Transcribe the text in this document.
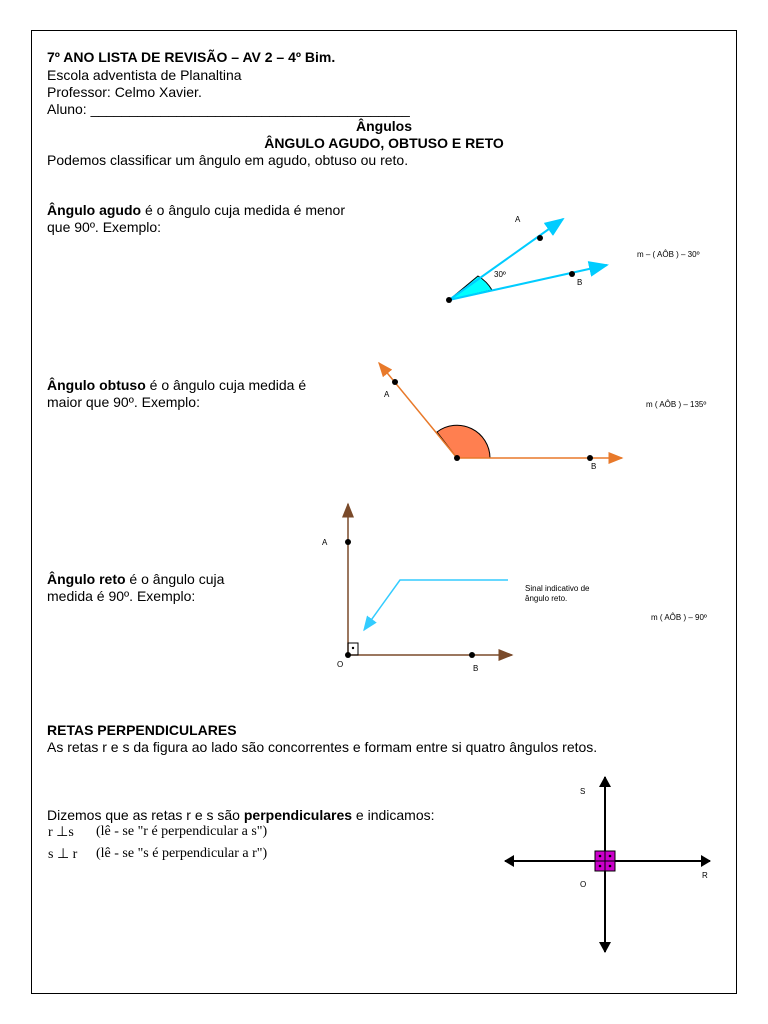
7º ANO LISTA DE REVISÃO – AV 2 – 4º Bim.
Escola adventista de Planaltina
Professor: Celmo Xavier.
Aluno: _________________________________________
Ângulos
ÂNGULO AGUDO, OBTUSO E RETO
Podemos classificar um ângulo em agudo, obtuso ou reto.
Ângulo agudo é o ângulo cuja medida é menor
que 90º. Exemplo:
Ângulo obtuso é o ângulo cuja medida é
maior que 90º. Exemplo:
Ângulo reto é o ângulo cuja
medida é 90º. Exemplo:
RETAS PERPENDICULARES
As retas r e s da figura ao lado são concorrentes e formam entre si quatro ângulos retos.
Dizemos que as retas r e s são perpendiculares e indicamos:
r ⊥s (lê - se "r é perpendicular a s")
s ⊥ r (lê - se "s é perpendicular a r")
A
B
30º
m – ( AÔB ) – 30º
A
B
m ( AÔB ) – 135º
A
O	B
Sinal indicativo de
ângulo reto.
m ( AÔB ) – 90º
S
O
R
